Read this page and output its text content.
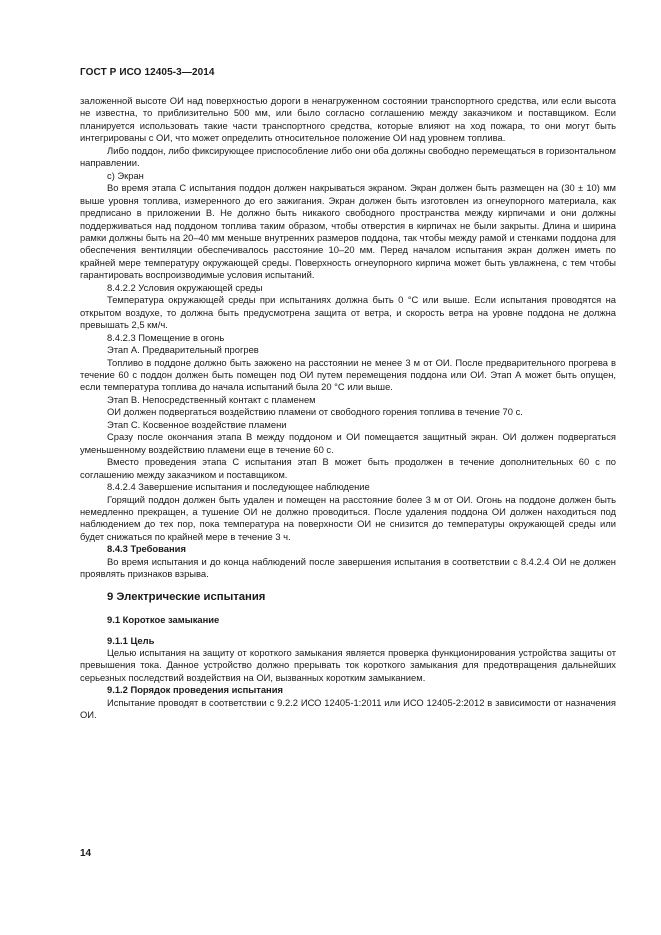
ГОСТ Р ИСО 12405-3—2014

заложенной высоте ОИ над поверхностью дороги в ненагруженном состоянии транспортного средства, или если высота не известна, то приблизительно 500 мм, или было согласно соглашению между заказчиком и поставщиком. Если планируется использовать такие части транспортного средства, которые влияют на ход пожара, то они могут быть интегрированы с ОИ, что может определить относительное положение ОИ над уровнем топлива.

Либо поддон, либо фиксирующее приспособление либо они оба должны свободно перемещаться в горизонтальном направлении.

с) Экран

Во время этапа С испытания поддон должен накрываться экраном. Экран должен быть размещен на (30 ± 10) мм выше уровня топлива, измеренного до его зажигания. Экран должен быть изготовлен из огнеупорного материала, как предписано в приложении В. Не должно быть никакого свободного пространства между кирпичами и они должны поддерживаться над поддоном топлива таким образом, чтобы отверстия в кирпичах не были закрыты. Длина и ширина рамки должны быть на 20–40 мм меньше внутренних размеров поддона, так чтобы между рамой и стенками поддона для обеспечения вентиляции обеспечивалось расстояние 10–20 мм. Перед началом испытания экран должен иметь по крайней мере температуру окружающей среды. Поверхность огнеупорного кирпича может быть увлажнена, с тем чтобы гарантировать воспроизводимые условия испытаний.

8.4.2.2 Условия окружающей среды

Температура окружающей среды при испытаниях должна быть 0 °С или выше. Если испытания проводятся на открытом воздухе, то должна быть предусмотрена защита от ветра, и скорость ветра на уровне поддона не должна превышать 2,5 км/ч.

8.4.2.3 Помещение в огонь

Этап А. Предварительный прогрев

Топливо в поддоне должно быть зажжено на расстоянии не менее 3 м от ОИ. После предварительного прогрева в течение 60 с поддон должен быть помещен под ОИ путем перемещения поддона или ОИ. Этап А может быть опущен, если температура топлива до начала испытаний была 20 °С или выше.

Этап В. Непосредственный контакт с пламенем

ОИ должен подвергаться воздействию пламени от свободного горения топлива в течение 70 с.

Этап С. Косвенное воздействие пламени

Сразу после окончания этапа В между поддоном и ОИ помещается защитный экран. ОИ должен подвергаться уменьшенному воздействию пламени еще в течение 60 с.

Вместо проведения этапа С испытания этап В может быть продолжен в течение дополнительных 60 с по соглашению между заказчиком и поставщиком.

8.4.2.4 Завершение испытания и последующее наблюдение

Горящий поддон должен быть удален и помещен на расстояние более 3 м от ОИ. Огонь на поддоне должен быть немедленно прекращен, а тушение ОИ не должно проводиться. После удаления поддона ОИ должен находиться под наблюдением до тех пор, пока температура на поверхности ОИ не снизится до температуры окружающей среды или будет снижаться по крайней мере в течение 3 ч.

8.4.3 Требования

Во время испытания и до конца наблюдений после завершения испытания в соответствии с 8.4.2.4 ОИ не должен проявлять признаков взрыва.

9 Электрические испытания

9.1 Короткое замыкание

9.1.1 Цель

Целью испытания на защиту от короткого замыкания является проверка функционирования устройства защиты от превышения тока. Данное устройство должно прерывать ток короткого замыкания для предотвращения дальнейших серьезных последствий воздействия на ОИ, вызванных коротким замыканием.

9.1.2 Порядок проведения испытания

Испытание проводят в соответствии с 9.2.2 ИСО 12405-1:2011 или ИСО 12405-2:2012 в зависимости от назначения ОИ.

14
